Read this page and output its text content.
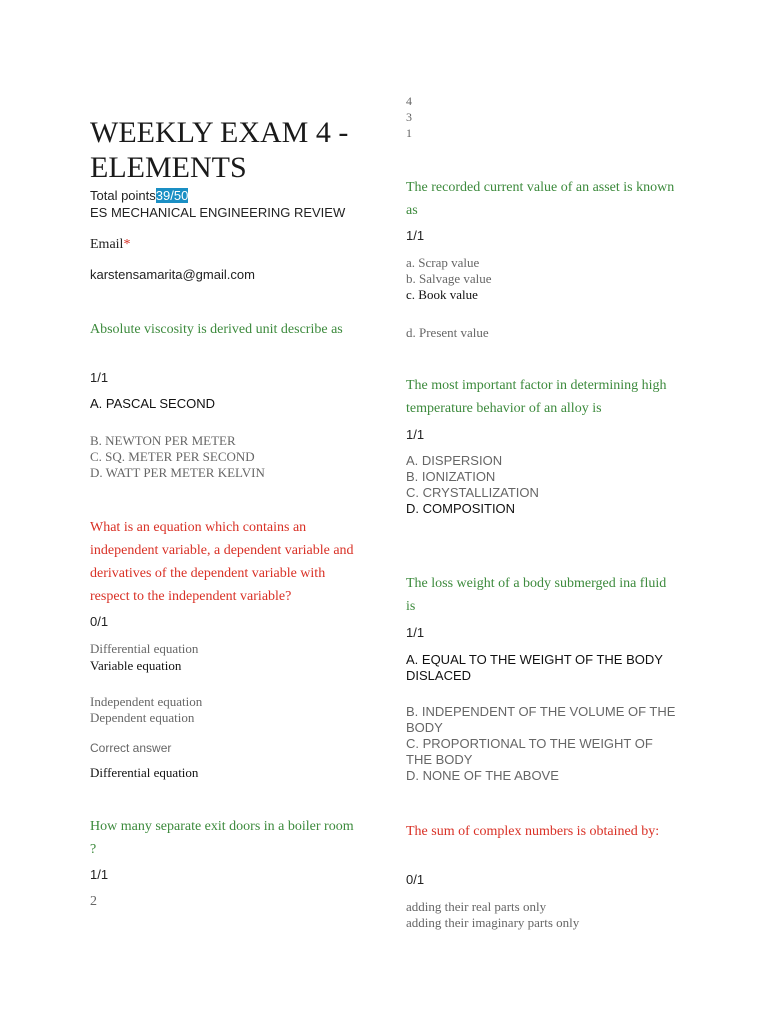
WEEKLY EXAM 4 - ELEMENTS
Total points39/50
ES MECHANICAL ENGINEERING REVIEW
Email*
karstensamarita@gmail.com
Absolute viscosity is derived unit describe as
1/1
A. PASCAL SECOND
B. NEWTON PER METER
C. SQ. METER PER SECOND
D. WATT PER METER KELVIN
What is an equation which contains an independent variable, a dependent variable and derivatives of the dependent variable with respect to the independent variable?
0/1
Differential equation
Variable equation
Independent equation
Dependent equation
Correct answer
Differential equation
How many separate exit doors in a boiler room ?
1/1
2
4
3
1
The recorded current value of an asset is known as
1/1
a. Scrap value
b. Salvage value
c. Book value
d. Present value
The most important factor in determining high temperature behavior of an alloy is
1/1
A. DISPERSION
B. IONIZATION
C. CRYSTALLIZATION
D. COMPOSITION
The loss weight of a body submerged ina fluid is
1/1
A. EQUAL TO THE WEIGHT OF THE BODY DISLACED
B. INDEPENDENT OF THE VOLUME OF THE BODY
C. PROPORTIONAL TO THE WEIGHT OF THE BODY
D. NONE OF THE ABOVE
The sum of complex numbers is obtained by:
0/1
adding their real parts only
adding their imaginary parts only
